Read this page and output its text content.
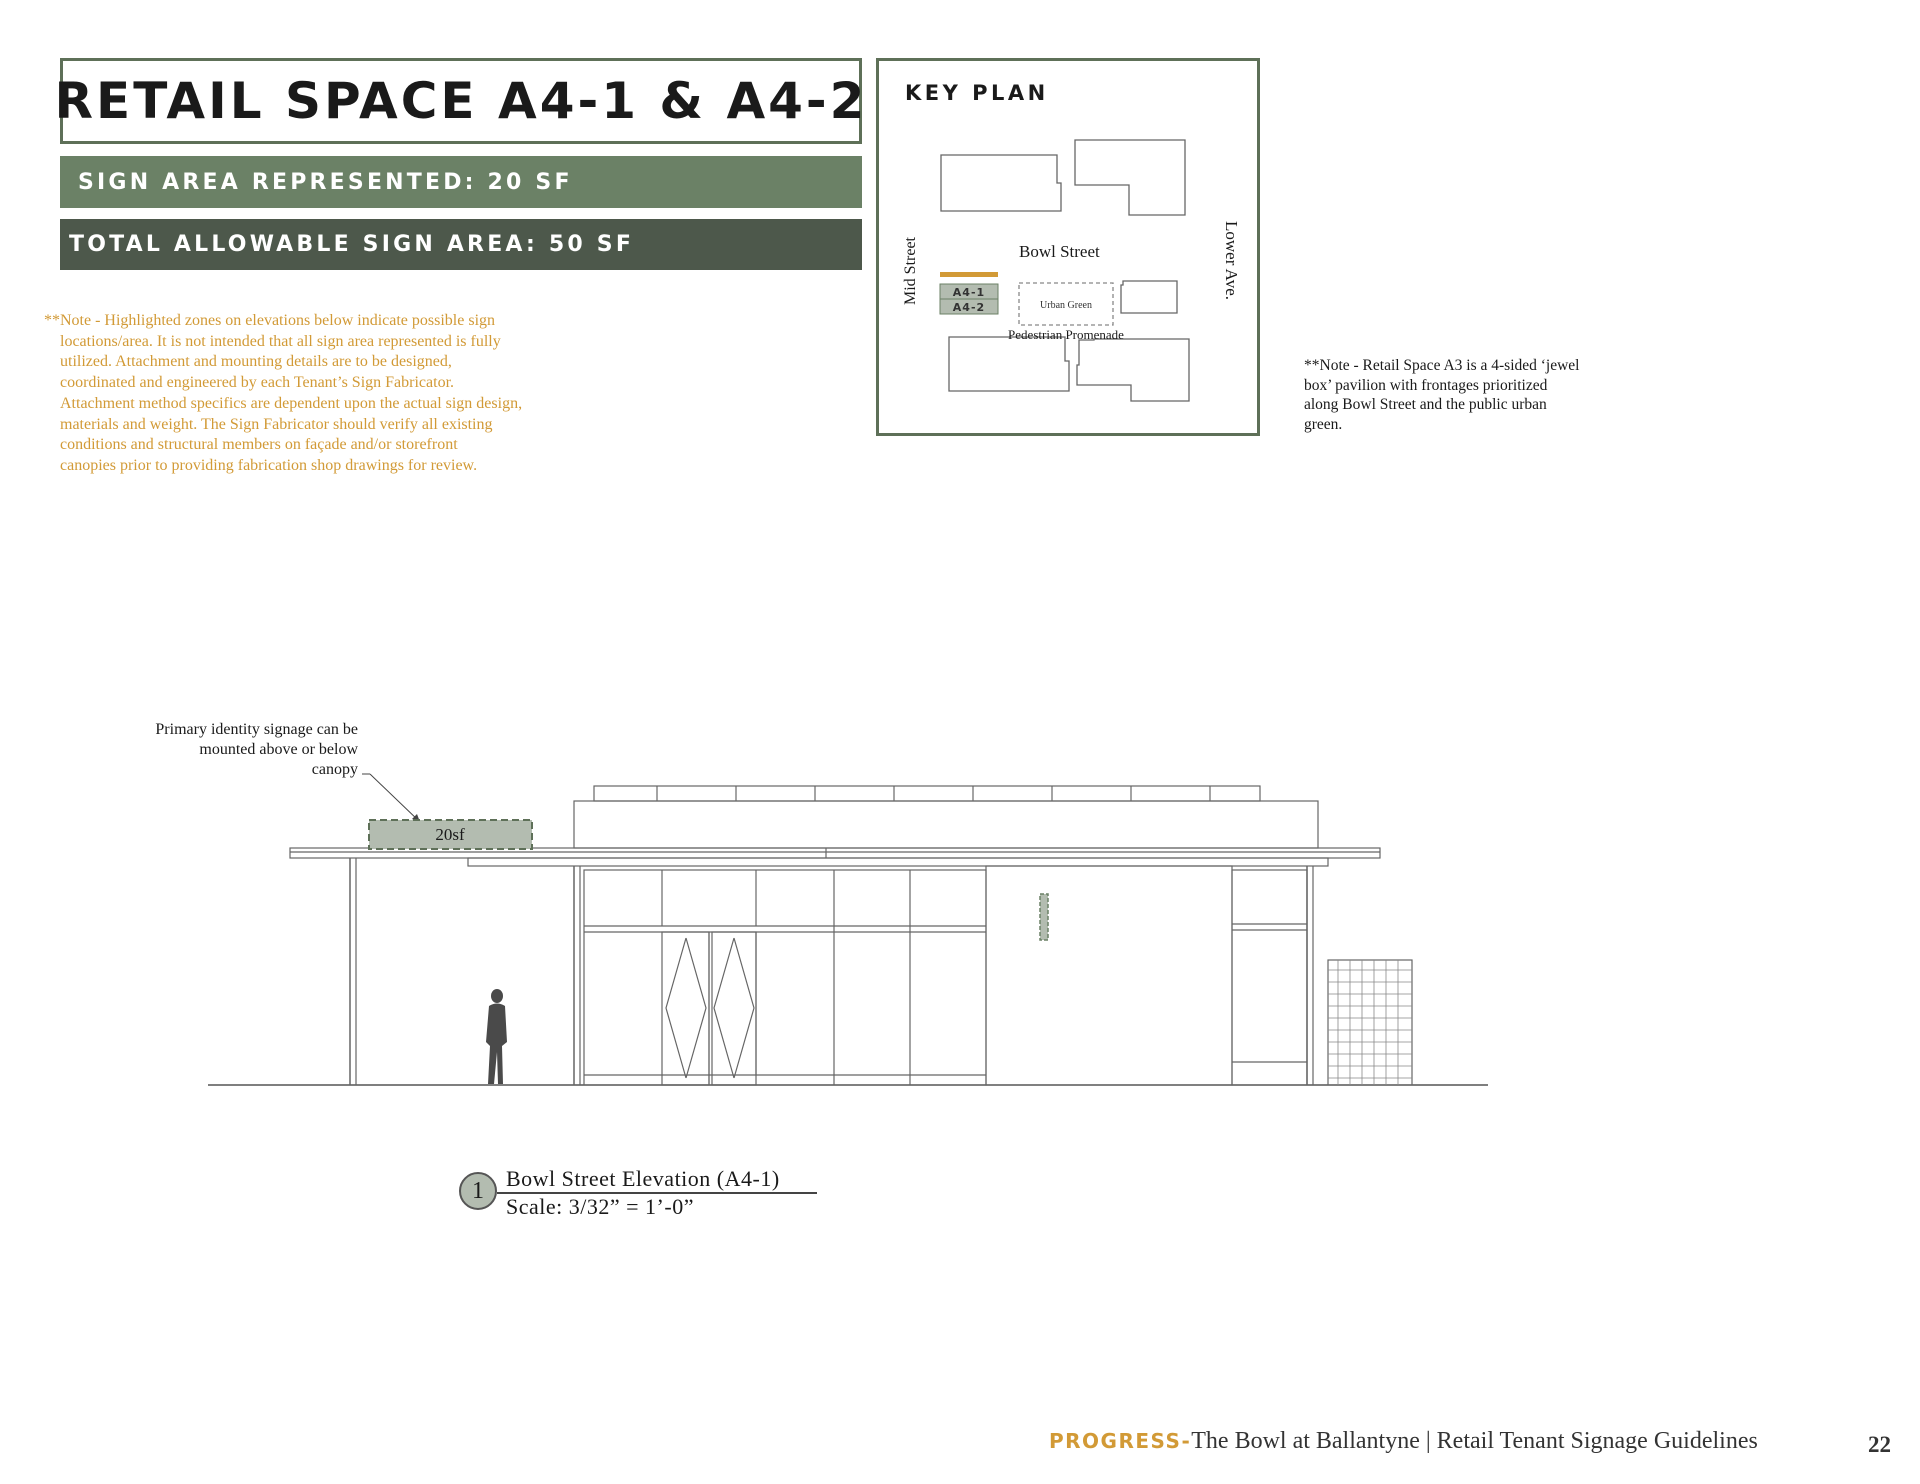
RETAIL SPACE A4-1 & A4-2
SIGN AREA REPRESENTED: 20 SF
TOTAL ALLOWABLE SIGN AREA: 50 SF
**Note - Highlighted zones on elevations below indicate possible sign
locations/area. It is not intended that all sign area represented is fully
utilized. Attachment and mounting details are to be designed,
coordinated and engineered by each Tenant’s Sign Fabricator.
Attachment method specifics are dependent upon the actual sign design,
materials and weight. The Sign Fabricator should verify all existing
conditions and structural members on façade and/or storefront
canopies prior to providing fabrication shop drawings for review.
KEY PLAN
A4-1
A4-2
Bowl Street
Urban Green
Pedestrian Promenade
Mid Street	Lower Ave.
**Note - Retail Space A3 is a 4-sided ‘jewel
box’ pavilion with frontages prioritized
along Bowl Street and the public urban
green.
Primary identity signage can be
mounted above or below
canopy
20sf
1	Bowl Street Elevation (A4-1)
Scale: 3/32” = 1’-0”
PROGRESS-The Bowl at Ballantyne | Retail Tenant Signage Guidelines	22
